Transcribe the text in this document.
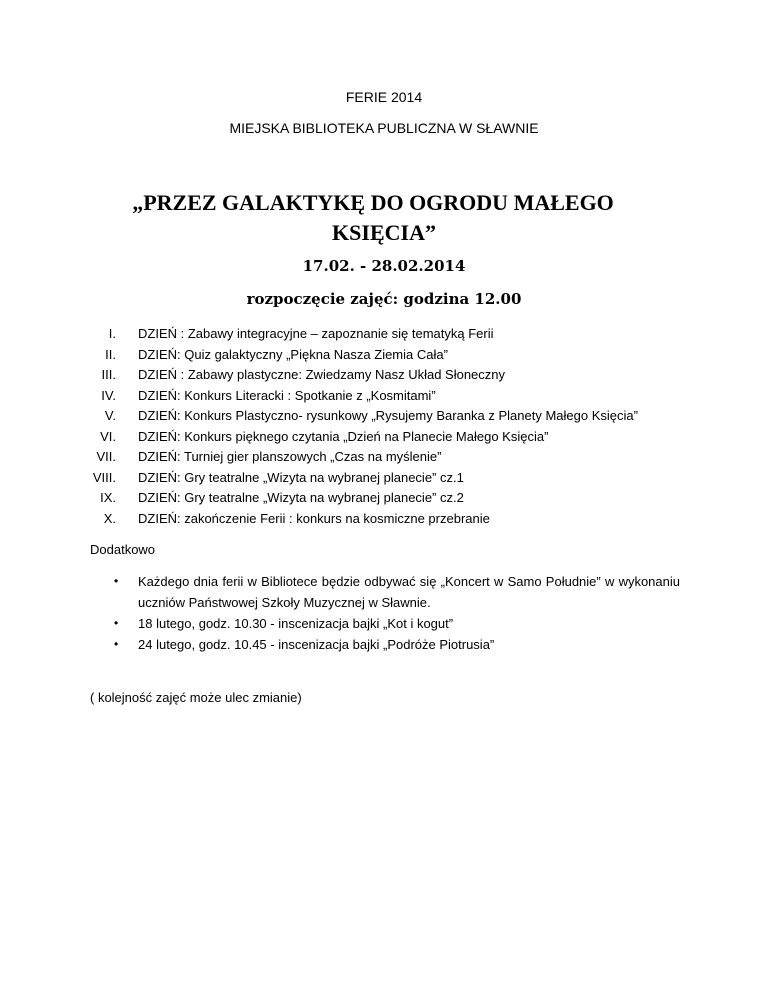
FERIE 2014
MIEJSKA BIBLIOTEKA PUBLICZNA W SŁAWNIE
„PRZEZ GALAKTYKĘ DO OGRODU MAŁEGO
KSIĘCIA”
17.02. - 28.02.2014
rozpoczęcie zajęć: godzina 12.00
I. DZIEŃ : Zabawy integracyjne – zapoznanie się tematyką Ferii
II. DZIEŃ: Quiz galaktyczny „Piękna Nasza Ziemia Cała”
III. DZIEŃ : Zabawy plastyczne: Zwiedzamy Nasz Układ Słoneczny
IV. DZIEŃ: Konkurs Literacki : Spotkanie z „Kosmitami”
V. DZIEŃ: Konkurs Plastyczno- rysunkowy „Rysujemy Baranka z Planety Małego Księcia”
VI. DZIEŃ: Konkurs pięknego czytania „Dzień na Planecie Małego Księcia”
VII. DZIEŃ: Turniej gier planszowych „Czas na myślenie”
VIII. DZIEŃ: Gry teatralne „Wizyta na wybranej planecie” cz.1
IX. DZIEŃ: Gry teatralne „Wizyta na wybranej planecie” cz.2
X. DZIEŃ: zakończenie Ferii : konkurs na kosmiczne przebranie
Dodatkowo
• Każdego dnia ferii w Bibliotece będzie odbywać się „Koncert w Samo Południe” w wykonaniu uczniów Państwowej Szkoły Muzycznej w Sławnie.
• 18 lutego, godz. 10.30 - inscenizacja bajki „Kot i kogut”
• 24 lutego, godz. 10.45 - inscenizacja bajki „Podróże Piotrusia”
( kolejność zajęć może ulec zmianie)
